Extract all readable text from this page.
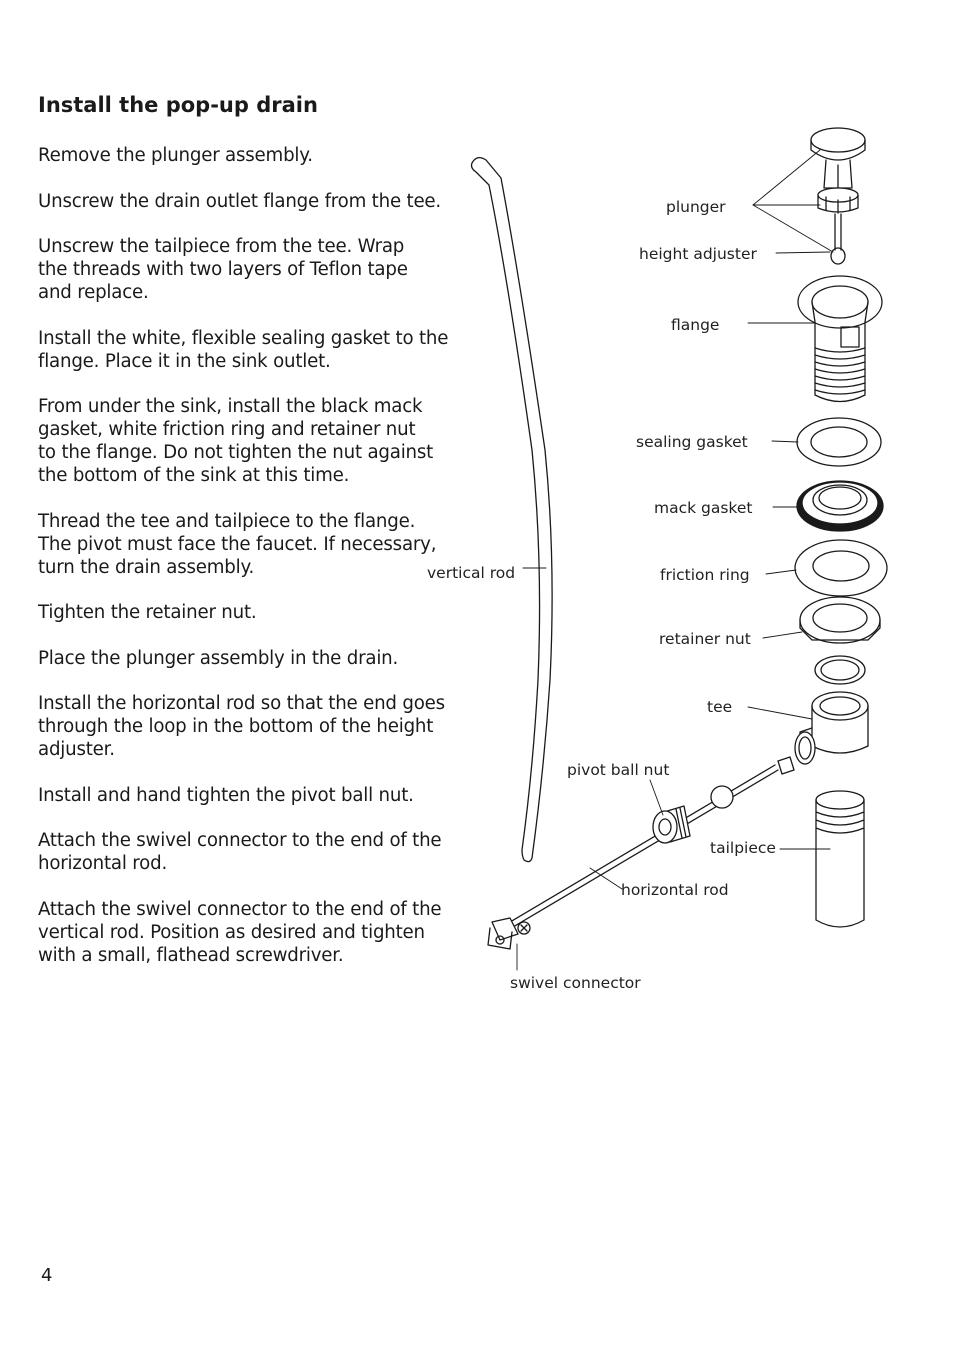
Install the pop-up drain

Remove the plunger assembly.

Unscrew the drain outlet flange from the tee.

Unscrew the tailpiece from the tee. Wrap
the threads with two layers of Teflon tape
and replace.

Install the white, flexible sealing gasket to the
flange. Place it in the sink outlet.

From under the sink, install the black mack
gasket, white friction ring and retainer nut
to the flange. Do not tighten the nut against
the bottom of the sink at this time.

Thread the tee and tailpiece to the flange.
The pivot must face the faucet. If necessary,
turn the drain assembly.

Tighten the retainer nut.

Place the plunger assembly in the drain.

Install the horizontal rod so that the end goes
through the loop in the bottom of the height
adjuster.

Install and hand tighten the pivot ball nut.

Attach the swivel connector to the end of the
horizontal rod.

Attach the swivel connector to the end of the
vertical rod. Position as desired and tighten
with a small, flathead screwdriver.

plunger
height adjuster
flange
sealing gasket
mack gasket
friction ring
retainer nut
tee
pivot ball nut
tailpiece
horizontal rod
vertical rod
swivel connector
4
